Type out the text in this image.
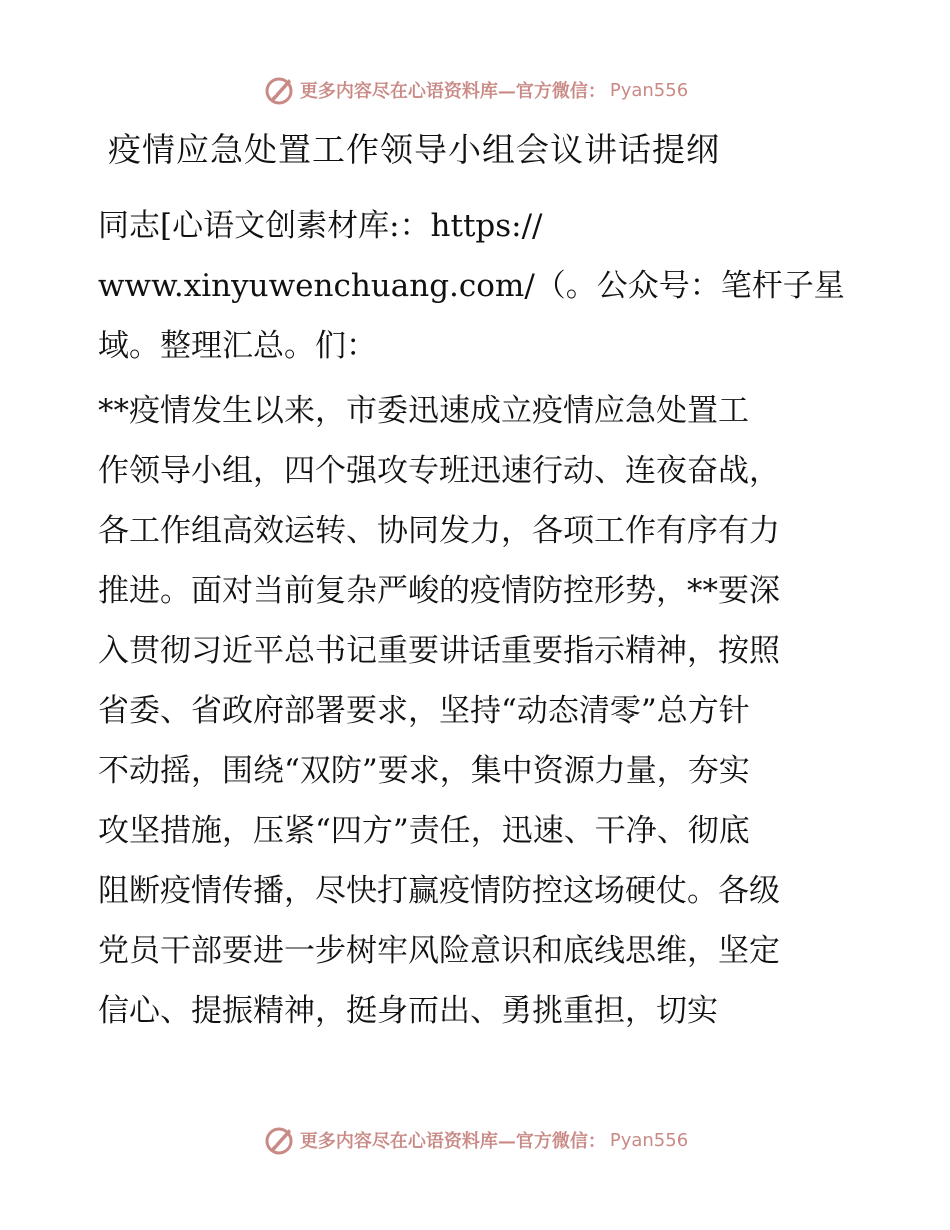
更多内容尽在心语资料库—官方微信： Pyan556
疫情应急处置工作领导小组会议讲话提纲
同志[心语文创素材库:：https://
www.xinyuwenchuang.com/（。公众号：笔杆子星
域。整理汇总。们：
**疫情发生以来，市委迅速成立疫情应急处置工
作领导小组，四个强攻专班迅速行动、连夜奋战，
各工作组高效运转、协同发力，各项工作有序有力
推进。面对当前复杂严峻的疫情防控形势，**要深
入贯彻习近平总书记重要讲话重要指示精神，按照
省委、省政府部署要求，坚持“动态清零”总方针
不动摇，围绕“双防”要求，集中资源力量，夯实
攻坚措施，压紧“四方”责任，迅速、干净、彻底
阻断疫情传播，尽快打赢疫情防控这场硬仗。各级
党员干部要进一步树牢风险意识和底线思维，坚定
信心、提振精神，挺身而出、勇挑重担，切实
更多内容尽在心语资料库—官方微信： Pyan556
